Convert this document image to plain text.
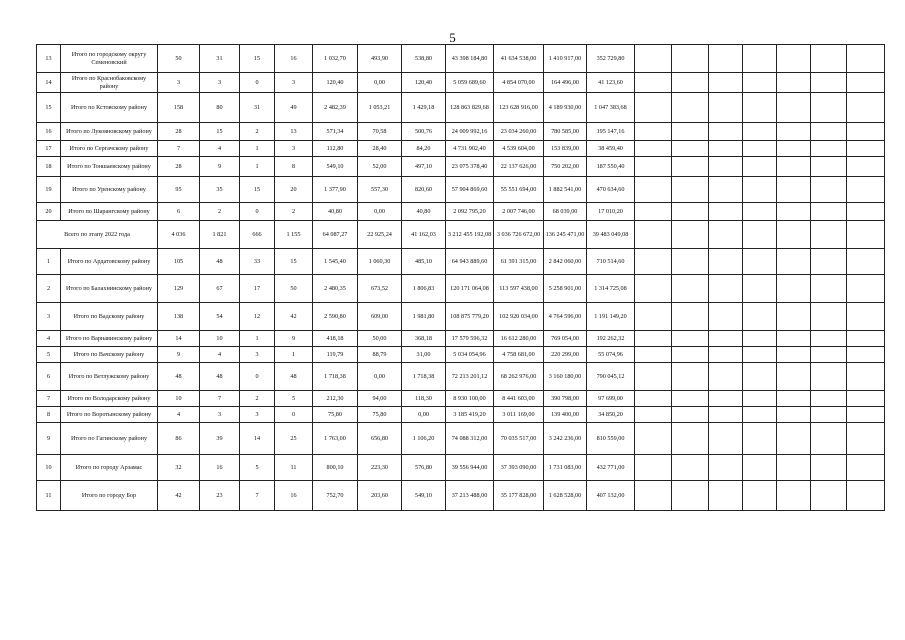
5
13	Итого по городскому округу Семеновский	50	31	15	16	1 032,70	493,90	538,80	43 398 184,80	41 634 538,00	1 410 917,00	352 729,80							
14	Итого по Краснобаковскому району	3	3	0	3	120,40	0,00	120,40	5 059 689,60	4 854 070,00	164 496,00	41 123,60							
15	Итого по Кстовскому району	158	80	31	49	2 482,39	1 053,21	1 429,18	128 863 829,68	123 628 916,00	4 189 930,00	1 047 383,68							
16	Итого по Лукояновскому району	28	15	2	13	571,34	70,58	500,76	24 009 992,16	23 034 260,00	780 585,00	195 147,16							
17	Итого по Сергачскому району	7	4	1	3	112,80	28,40	84,20	4 731 902,40	4 539 604,00	153 839,00	38 459,40							
18	Итого по Тоншаевскому району	28	9	1	8	549,10	52,00	497,10	23 075 378,40	22 137 626,00	750 202,00	187 550,40							
19	Итого по Уренскому району	95	35	15	20	1 377,90	557,30	820,60	57 904 869,60	55 551 694,00	1 882 541,00	470 634,60							
20	Итого по Шарангскому району	6	2	0	2	40,80	0,00	40,80	2 092 795,20	2 007 746,00	68 039,00	17 010,20							
Всего по этапу 2022 года		4 036	1 821	666	1 155	64 087,27	22 925,24	41 162,03	3 212 455 192,08	3 036 726 672,00	136 245 471,00	39 483 049,08							
1	Итого по Ардатовскому району	105	48	33	15	1 545,40	1 060,30	485,10	64 943 889,60	61 391 315,00	2 842 060,00	710 514,60							
2	Итого по Балахнинскому району	129	67	17	50	2 480,35	673,52	1 806,83	120 171 064,08	113 597 438,00	5 258 901,00	1 314 725,08							
3	Итого по Вадскому району	138	54	12	42	2 590,80	609,00	1 981,80	108 875 779,20	102 920 034,00	4 764 596,00	1 191 149,20							
4	Итого по Варнавинскому району	14	10	1	9	418,18	50,00	368,18	17 579 596,32	16 612 280,00	769 054,00	192 262,32							
5	Итого по Вачскому району	9	4	3	1	119,79	88,79	31,00	5 034 054,96	4 758 681,00	220 299,00	55 074,96							
6	Итого по Ветлужскому району	48	48	0	48	1 718,38	0,00	1 718,38	72 213 201,12	68 262 976,00	3 160 180,00	790 045,12							
7	Итого по Володарскому району	10	7	2	5	212,30	94,00	118,30	8 930 100,00	8 441 603,00	390 798,00	97 699,00							
8	Итого по Воротынскому району	4	3	3	0	75,80	75,80	0,00	3 185 419,20	3 011 169,00	139 400,00	34 850,20							
9	Итого по Гагинскому району	86	39	14	25	1 763,00	656,80	1 106,20	74 088 312,00	70 035 517,00	3 242 236,00	810 559,00							
10	Итого по городу Арзамас	32	16	5	11	800,10	223,30	576,80	39 556 944,00	37 393 090,00	1 731 083,00	432 771,00							
11	Итого по городу Бор	42	23	7	16	752,70	203,60	549,10	37 213 488,00	35 177 828,00	1 628 528,00	407 132,00							
